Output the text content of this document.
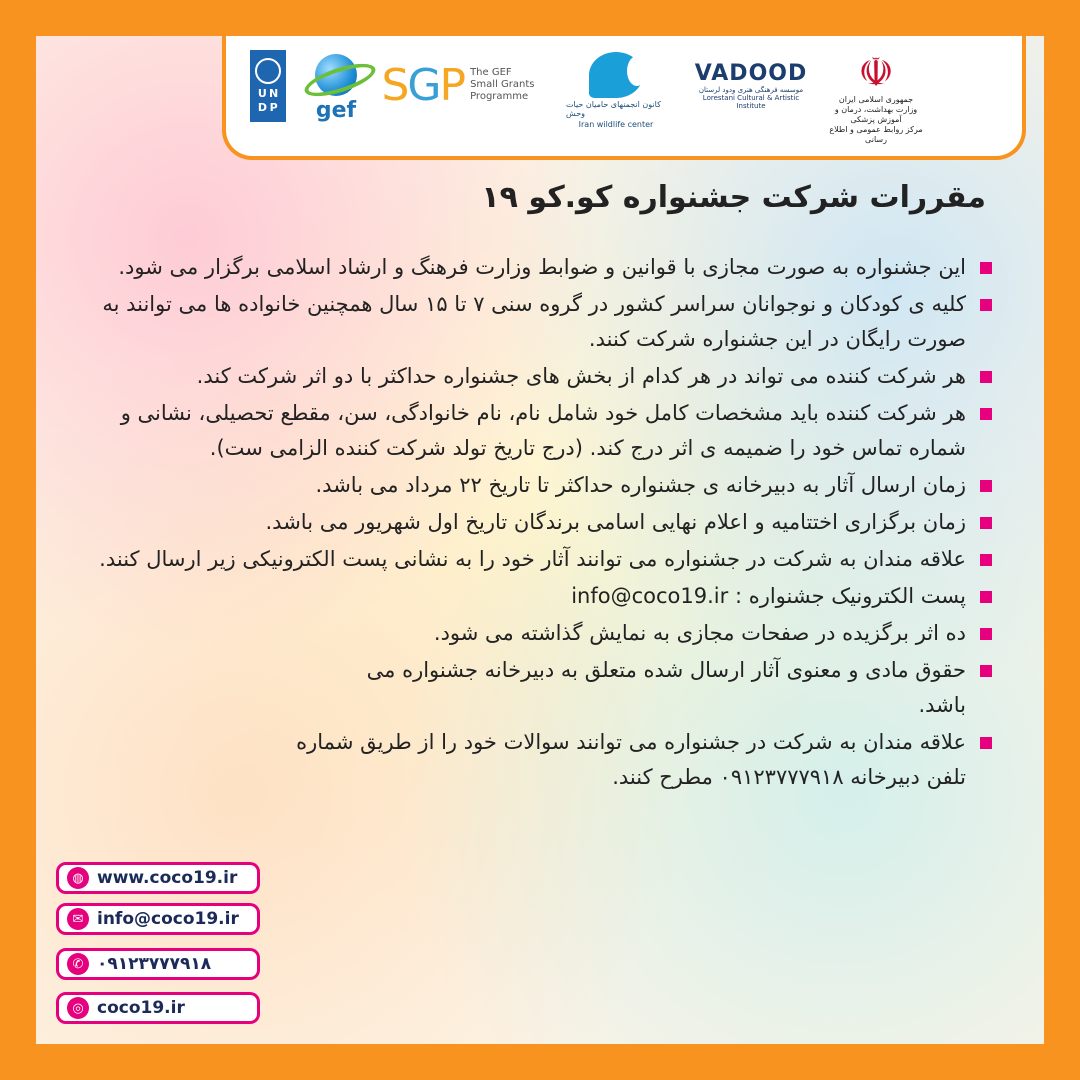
U N
D P gef SGP The GEF
Small Grants
Programme
کانون انجمنهای حامیان حیات وحش
Iran wildlife center
VADOOD
موسسه فرهنگی هنری ودود لرستان
Lorestani Cultural & Artistic Institute
☫
جمهوری اسلامی ایران
وزارت بهداشت، درمان و آموزش پزشکی
مرکز روابط عمومی و اطلاع رسانی
مقررات شرکت جشنواره کو.کو ۱۹
این جشنواره به صورت مجازی با قوانین و ضوابط وزارت فرهنگ و ارشاد اسلامی برگزار می شود.
کلیه ی کودکان و نوجوانان سراسر کشور در گروه سنی ۷ تا ۱۵ سال همچنین خانواده ها می توانند به صورت رایگان در این جشنواره شرکت کنند.
هر شرکت کننده می تواند در هر کدام از بخش های جشنواره حداکثر با دو اثر شرکت کند.
هر شرکت کننده باید مشخصات کامل خود شامل نام، نام خانوادگی، سن، مقطع تحصیلی، نشانی و شماره تماس خود را ضمیمه ی اثر درج کند. (درج تاریخ تولد شرکت کننده الزامی ست).
زمان ارسال آثار به دبیرخانه ی جشنواره حداکثر تا تاریخ ۲۲ مرداد می باشد.
زمان برگزاری اختتامیه و اعلام نهایی اسامی برندگان تاریخ اول شهریور می باشد.
علاقه مندان به شرکت در جشنواره می توانند آثار خود را به نشانی پست الکترونیکی زیر ارسال کنند.
پست الکترونیک جشنواره : info@coco19.ir
ده اثر برگزیده در صفحات مجازی به نمایش گذاشته می شود.
حقوق مادی و معنوی آثار ارسال شده متعلق به دبیرخانه جشنواره می باشد.
علاقه مندان به شرکت در جشنواره می توانند سوالات خود را از طریق شماره تلفن دبیرخانه ۰۹۱۲۳۷۷۷۹۱۸ مطرح کنند.
◍ www.coco19.ir
✉ info@coco19.ir
✆ ۰۹۱۲۳۷۷۷۹۱۸
◎ coco19.ir
